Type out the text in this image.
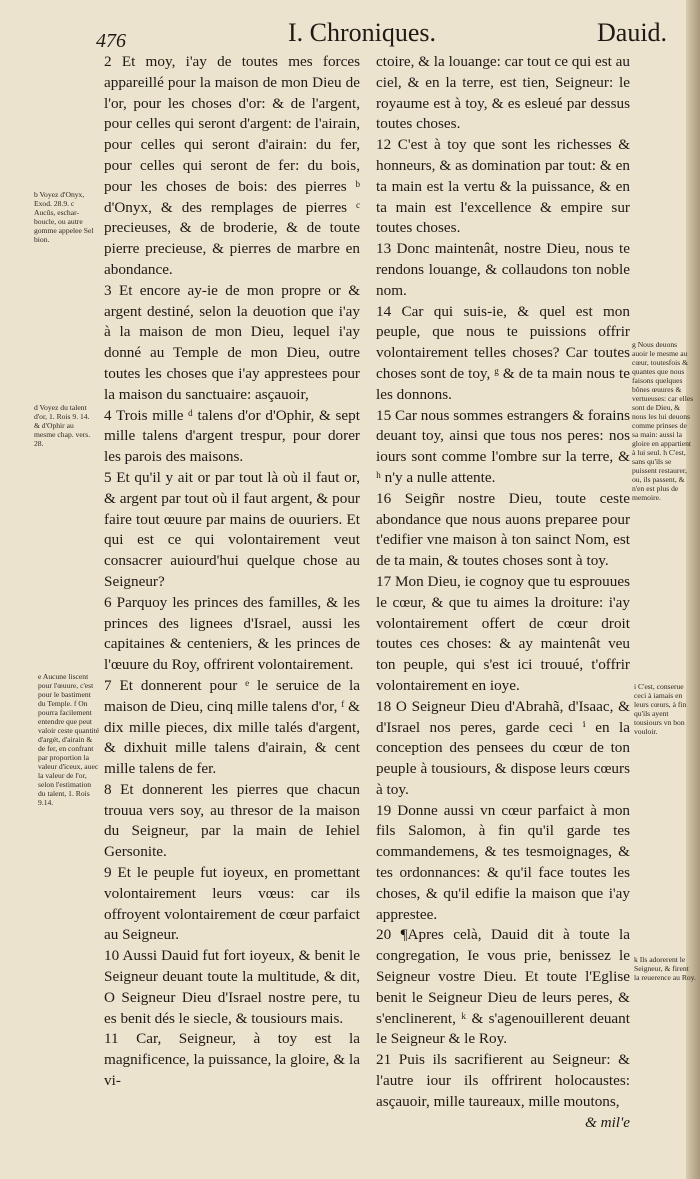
476	I. Chroniques.	Dauid.

2 Et moy, i'ay de toutes mes forces appareillé pour la maison de mon Dieu de l'or, pour les choses d'or: & de l'argent, pour celles qui seront d'argent: de l'airain, pour celles qui seront d'airain: du fer, pour celles qui seront de fer: du bois, pour les choses de bois: des pierres ᵇ d'Onyx, & des remplages de pierres ᶜ precieuses, & de broderie, & de toute pierre precieuse, & pierres de marbre en abondance.

3 Et encore ay-ie de mon propre or & argent destiné, selon la deuotion que i'ay à la maison de mon Dieu, lequel i'ay donné au Temple de mon Dieu, outre toutes les choses que i'ay apprestees pour la maison du sanctuaire: asçauoir,

4 Trois mille ᵈ talens d'or d'Ophir, & sept mille talens d'argent trespur, pour dorer les parois des maisons.

5 Et qu'il y ait or par tout là où il faut or, & argent par tout où il faut argent, & pour faire tout œuure par mains de ouuriers. Et qui est ce qui volontairement veut consacrer auiourd'hui quelque chose au Seigneur?

6 Parquoy les princes des familles, & les princes des lignees d'Israel, aussi les capitaines & centeniers, & les princes de l'œuure du Roy, offrirent volontairement.

7 Et donnerent pour ᵉ le seruice de la maison de Dieu, cinq mille talens d'or, ᶠ & dix mille pieces, dix mille talés d'argent, & dixhuit mille talens d'airain, & cent mille talens de fer.

8 Et donnerent les pierres que chacun trouua vers soy, au thresor de la maison du Seigneur, par la main de Iehiel Gersonite.

9 Et le peuple fut ioyeux, en promettant volontairement leurs vœus: car ils offroyent volontairement de cœur parfaict au Seigneur.

10 Aussi Dauid fut fort ioyeux, & benit le Seigneur deuant toute la multitude, & dit, O Seigneur Dieu d'Israel nostre pere, tu es benit dés le siecle, & tousiours mais.

11 Car, Seigneur, à toy est la magnificence, la puissance, la gloire, & la vi-

ctoire, & la louange: car tout ce qui est au ciel, & en la terre, est tien, Seigneur: le royaume est à toy, & es esleué par dessus toutes choses.

12 C'est à toy que sont les richesses & honneurs, & as domination par tout: & en ta main est la vertu & la puissance, & en ta main est l'excellence & empire sur toutes choses.

13 Donc maintenât, nostre Dieu, nous te rendons louange, & collaudons ton noble nom.

14 Car qui suis-ie, & quel est mon peuple, que nous te puissions offrir volontairement telles choses? Car toutes choses sont de toy, ᵍ & de ta main nous te les donnons.

15 Car nous sommes estrangers & forains deuant toy, ainsi que tous nos peres: nos iours sont comme l'ombre sur la terre, & ʰ n'y a nulle attente.

16 Seigñr nostre Dieu, toute ceste abondance que nous auons preparee pour t'edifier vne maison à ton sainct Nom, est de ta main, & toutes choses sont à toy.

17 Mon Dieu, ie cognoy que tu esprouues le cœur, & que tu aimes la droiture: i'ay volontairement offert de cœur droit toutes ces choses: & ay maintenât veu ton peuple, qui s'est ici trouué, t'offrir volontairement en ioye.

18 O Seigneur Dieu d'Abrahã, d'Isaac, & d'Israel nos peres, garde ceci ⁱ en la conception des pensees du cœur de ton peuple à tousiours, & dispose leurs cœurs à toy.

19 Donne aussi vn cœur parfaict à mon fils Salomon, à fin qu'il garde tes commandemens, & tes tesmoignages, & tes ordonnances: & qu'il face toutes les choses, & qu'il edifie la maison que i'ay apprestee.

20 ¶Apres celà, Dauid dit à toute la congregation, Ie vous prie, benissez le Seigneur vostre Dieu. Et toute l'Eglise benit le Seigneur Dieu de leurs peres, & s'enclinerent, ᵏ & s'agenouillerent deuant le Seigneur & le Roy.

21 Puis ils sacrifierent au Seigneur: & l'autre iour ils offrirent holocaustes: asçauoir, mille taureaux, mille moutons,

& mil'e

b Voyez d'Onyx, Exod. 28.9. c Aucũs, eschar-boucle, ou autre gomme appelee Sel bion.
d Voyez du talent d'or, 1. Rois 9. 14. & d'Ophir au mesme chap. vers. 28.
e Aucune liscent pour l'œuure, c'est pour le bastiment du Temple. f On pourra facilement entendre que peut valoir ceste quantité d'argét, d'airain & de fer, en confrant par proportion la valeur d'iceux, auec la valeur de l'or, selon l'estimation du talent, 1. Rois 9.14.
g Nous deuons auoir le mesme au cœur, toutesfois & quantes que nous faisons quelques bõnes œuures & vertueuses: car elles sont de Dieu, & nous les lui deuons comme prinses de sa main: aussi la gloire en appartient à lui seul. h C'est, sans qu'ils se puissent restaurer, ou, ils passent, & n'en est plus de memoire.
i C'est, conserue ceci à iamais en leurs cœurs, à fin qu'ils ayent tousiours vn bon vouloir.
k Ils adorerent le Seigneur, & firent la reuerence au Roy.
